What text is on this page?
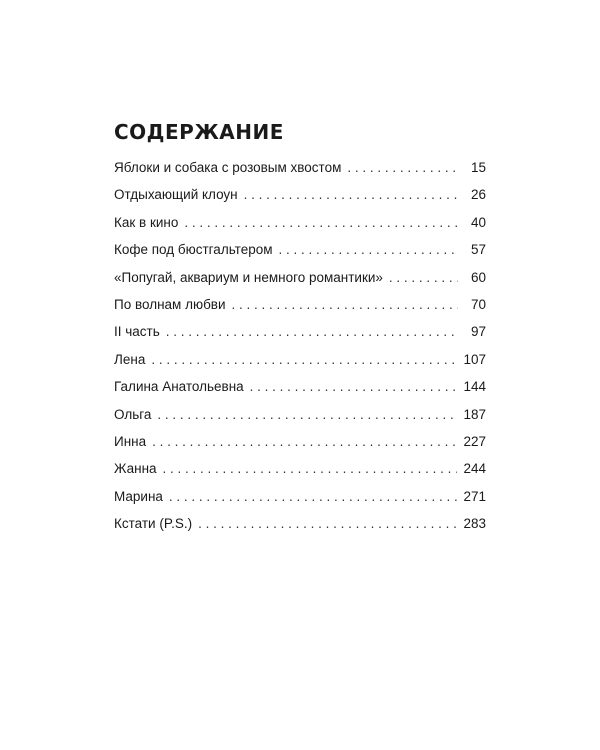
СОДЕРЖАНИЕ
Яблоки и собака с розовым хвостом . . .	15
Отдыхающий клоун . . .	26
Как в кино . . .	40
Кофе под бюстгальтером . . .	57
«Попугай, аквариум и немного романтики» . . .	60
По волнам любви . . .	70
II часть . . .	97
Лена . . .	107
Галина Анатольевна . . .	144
Ольга . . .	187
Инна . . .	227
Жанна . . .	244
Марина . . .	271
Кстати (P.S.) . . .	283
